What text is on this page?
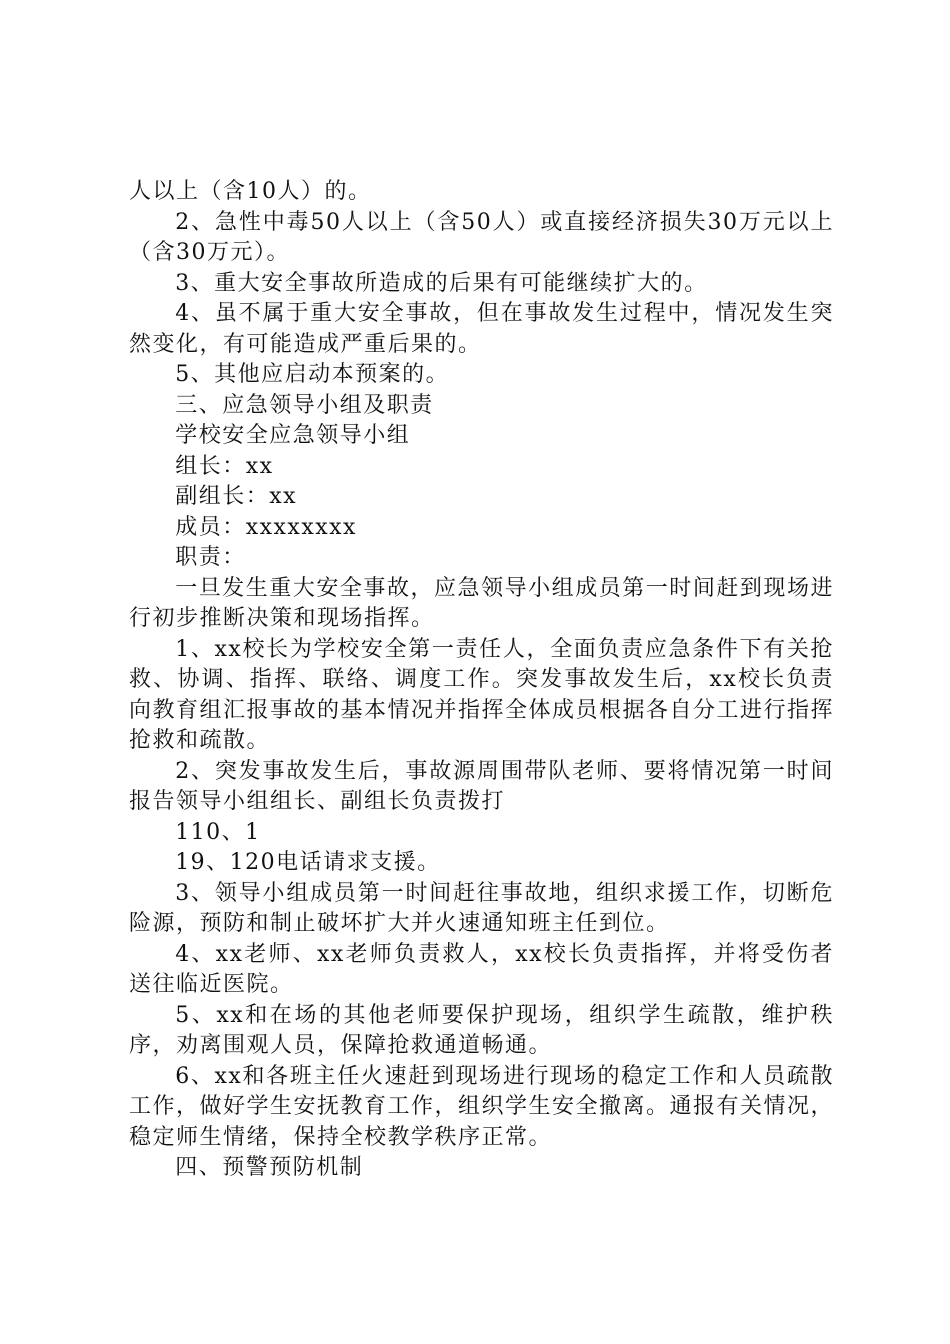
人以上（含10人）的。

2、急性中毒50人以上（含50人）或直接经济损失30万元以上（含30万元）。

3、重大安全事故所造成的后果有可能继续扩大的。

4、虽不属于重大安全事故，但在事故发生过程中，情况发生突然变化，有可能造成严重后果的。

5、其他应启动本预案的。

三、应急领导小组及职责

学校安全应急领导小组

组长：xx

副组长：xx

成员：xxxxxxxx

职责：

一旦发生重大安全事故，应急领导小组成员第一时间赶到现场进行初步推断决策和现场指挥。

1、xx校长为学校安全第一责任人，全面负责应急条件下有关抢救、协调、指挥、联络、调度工作。突发事故发生后，xx校长负责向教育组汇报事故的基本情况并指挥全体成员根据各自分工进行指挥抢救和疏散。

2、突发事故发生后，事故源周围带队老师、要将情况第一时间报告领导小组组长、副组长负责拨打

110、1

19、120电话请求支援。

3、领导小组成员第一时间赶往事故地，组织求援工作，切断危险源，预防和制止破坏扩大并火速通知班主任到位。

4、xx老师、xx老师负责救人，xx校长负责指挥，并将受伤者送往临近医院。

5、xx和在场的其他老师要保护现场，组织学生疏散，维护秩序，劝离围观人员，保障抢救通道畅通。

6、xx和各班主任火速赶到现场进行现场的稳定工作和人员疏散工作，做好学生安抚教育工作，组织学生安全撤离。通报有关情况，稳定师生情绪，保持全校教学秩序正常。

四、预警预防机制
